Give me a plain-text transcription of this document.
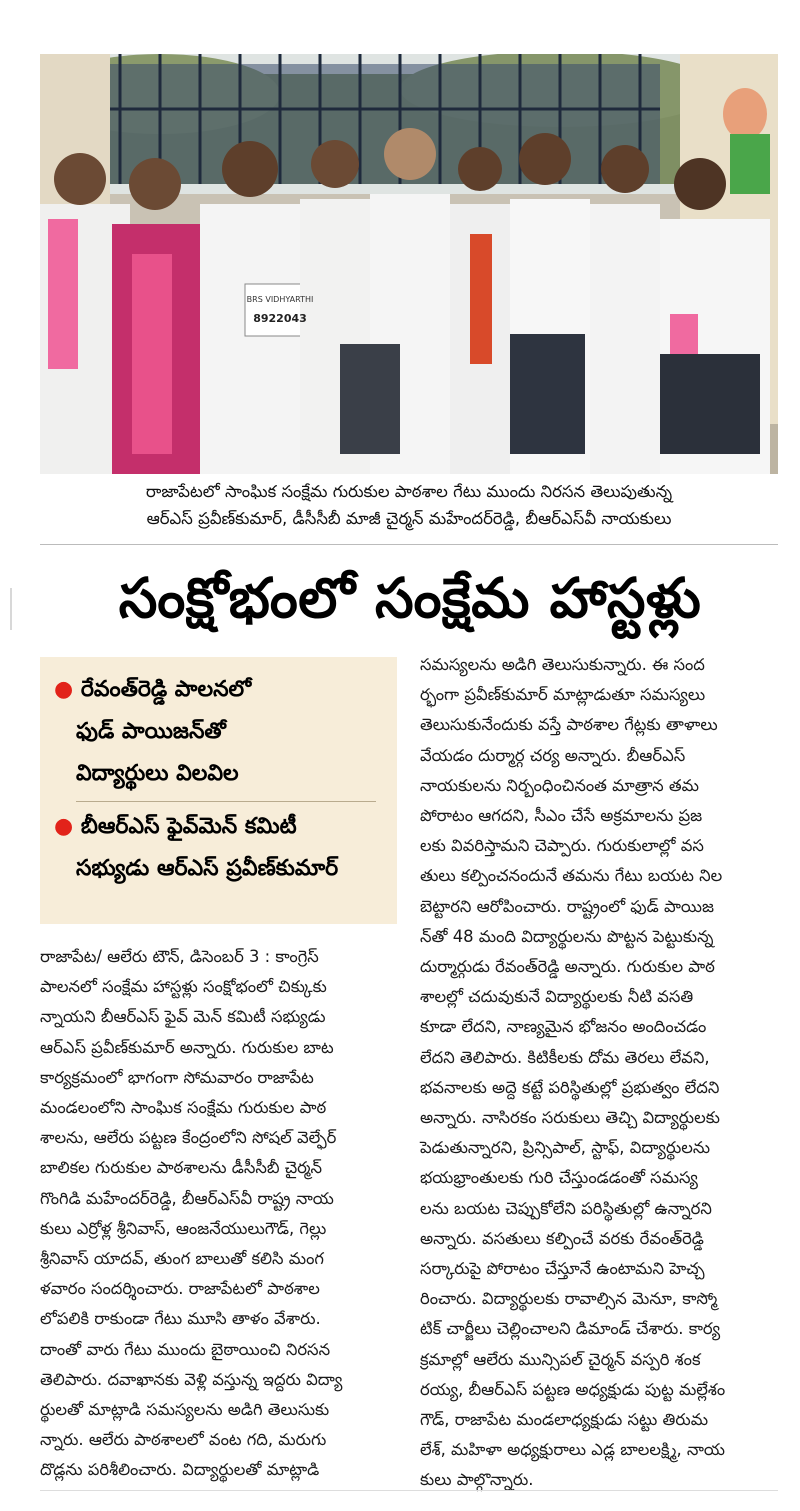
BRS VIDHYARTHI
8922043
రాజాపేటలో సాంఘిక సంక్షేమ గురుకుల పాఠశాల గేటు ముందు నిరసన తెలుపుతున్న
ఆర్ఎస్ ప్రవీణ్‌కుమార్, డీసీసీబీ మాజీ చైర్మన్ మహేందర్‌రెడ్డి, బీఆర్ఎస్‌వీ నాయకులు
సంక్షోభంలో సంక్షేమ హాస్టళ్లు
● రేవంత్‌రెడ్డి పాలనలో
ఫుడ్ పాయిజన్‌తో
విద్యార్థులు విలవిల
● బీఆర్ఎస్ ఫైవ్‌మెన్ కమిటీ
సభ్యుడు ఆర్ఎస్ ప్రవీణ్‌కుమార్
రాజాపేట/ ఆలేరు టౌన్, డిసెంబర్ 3 : కాంగ్రెస్
పాలనలో సంక్షేమ హాస్టళ్లు సంక్షోభంలో చిక్కుకు
న్నాయని బీఆర్ఎస్ ఫైవ్ మెన్ కమిటీ సభ్యుడు
ఆర్ఎస్ ప్రవీణ్‌కుమార్ అన్నారు. గురుకుల బాట
కార్యక్రమంలో భాగంగా సోమవారం రాజాపేట
మండలంలోని సాంఘిక సంక్షేమ గురుకుల పాఠ
శాలను, ఆలేరు పట్టణ కేంద్రంలోని సోషల్ వెల్ఫేర్
బాలికల గురుకుల పాఠశాలను డీసీసీబీ చైర్మన్
గొంగిడి మహేందర్‌రెడ్డి, బీఆర్ఎస్‌వీ రాష్ట్ర నాయ
కులు ఎర్రోళ్ల శ్రీనివాస్, ఆంజనేయులుగౌడ్, గెల్లు
శ్రీనివాస్ యాదవ్, తుంగ బాలుతో కలిసి మంగ
ళవారం సందర్శించారు. రాజాపేటలో పాఠశాల
లోపలికి రాకుండా గేటు మూసి తాళం వేశారు.
దాంతో వారు గేటు ముందు బైఠాయించి నిరసన
తెలిపారు. దవాఖానకు వెళ్లి వస్తున్న ఇద్దరు విద్యా
ర్థులతో మాట్లాడి సమస్యలను అడిగి తెలుసుకు
న్నారు. ఆలేరు పాఠశాలలో వంట గది, మరుగు
దొడ్లను పరిశీలించారు. విద్యార్థులతో మాట్లాడి
సమస్యలను అడిగి తెలుసుకున్నారు. ఈ సంద
ర్భంగా ప్రవీణ్‌కుమార్ మాట్లాడుతూ సమస్యలు
తెలుసుకునేందుకు వస్తే పాఠశాల గేట్లకు తాళాలు
వేయడం దుర్మార్గ చర్య అన్నారు. బీఆర్ఎస్
నాయకులను నిర్బంధించినంత మాత్రాన తమ
పోరాటం ఆగదని, సీఎం చేసే అక్రమాలను ప్రజ
లకు వివరిస్తామని చెప్పారు. గురుకులాల్లో వస
తులు కల్పించనందునే తమను గేటు బయట నిల
బెట్టారని ఆరోపించారు. రాష్ట్రంలో ఫుడ్ పాయిజ
న్‌తో 48 మంది విద్యార్థులను పొట్టన పెట్టుకున్న
దుర్మార్గుడు రేవంత్‌రెడ్డి అన్నారు. గురుకుల పాఠ
శాలల్లో చదువుకునే విద్యార్థులకు నీటి వసతి
కూడా లేదని, నాణ్యమైన భోజనం అందించడం
లేదని తెలిపారు. కిటికీలకు దోమ తెరలు లేవని,
భవనాలకు అద్దె కట్టే పరిస్థితుల్లో ప్రభుత్వం లేదని
అన్నారు. నాసిరకం సరుకులు తెచ్చి విద్యార్థులకు
పెడుతున్నారని, ప్రిన్సిపాల్, స్టాఫ్, విద్యార్థులను
భయభ్రాంతులకు గురి చేస్తుండడంతో సమస్య
లను బయట చెప్పుకోలేని పరిస్థితుల్లో ఉన్నారని
అన్నారు. వసతులు కల్పించే వరకు రేవంత్‌రెడ్డి
సర్కారుపై పోరాటం చేస్తూనే ఉంటామని హెచ్చ
రించారు. విద్యార్థులకు రావాల్సిన మెనూ, కాస్మో
టిక్ చార్జీలు చెల్లించాలని డిమాండ్ చేశారు. కార్య
క్రమాల్లో ఆలేరు మున్సిపల్ చైర్మన్ వస్పరి శంక
రయ్య, బీఆర్ఎస్ పట్టణ అధ్యక్షుడు పుట్ట మల్లేశం
గౌడ్, రాజాపేట మండలాధ్యక్షుడు సట్టు తిరుమ
లేశ్, మహిళా అధ్యక్షురాలు ఎడ్ల బాలలక్ష్మి, నాయ
కులు పాల్గొన్నారు.
